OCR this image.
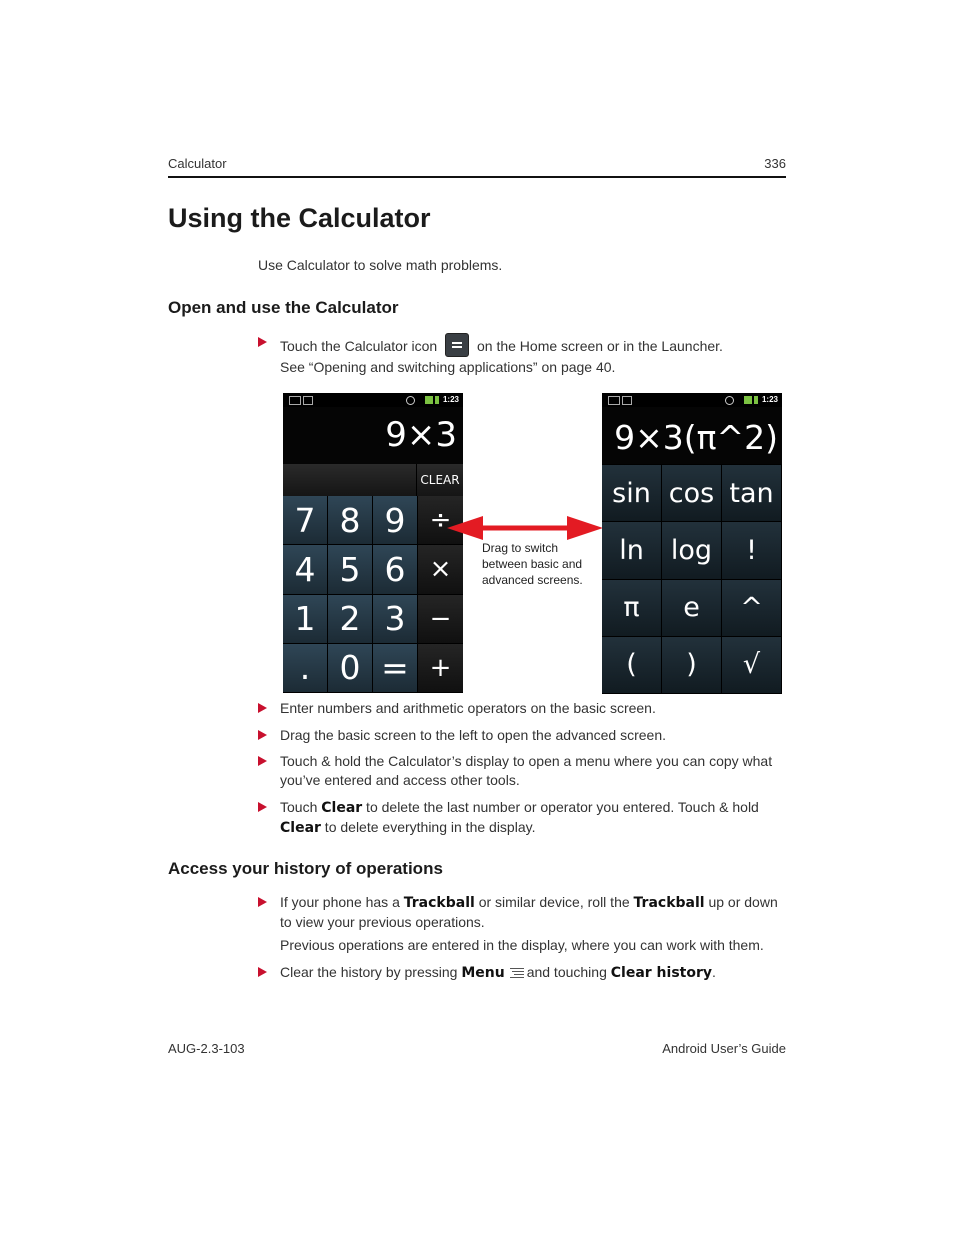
Calculator	336
Using the Calculator
Use Calculator to solve math problems.
Open and use the Calculator
Touch the Calculator icon	on the Home screen or in the Launcher.
See “Opening and switching applications” on page 40.
1:23
9×3
CLEAR
7 8 9 ÷
4 5 6 ×
1 2 3 −
. 0 = +
Drag to switch between basic and advanced screens.
1:23
9×3(π^2)
sin cos tan
ln	log	!
π	e	^
(	)	√
Enter numbers and arithmetic operators on the basic screen.
Drag the basic screen to the left to open the advanced screen.
Touch & hold the Calculator’s display to open a menu where you can copy what you’ve entered and access other tools.
Touch Clear to delete the last number or operator you entered. Touch & hold Clear to delete everything in the display.
Access your history of operations
If your phone has a Trackball or similar device, roll the Trackball up or down to view your previous operations.
Previous operations are entered in the display, where you can work with them.
Clear the history by pressing Menu and touching Clear history.
AUG-2.3-103	Android User’s Guide
